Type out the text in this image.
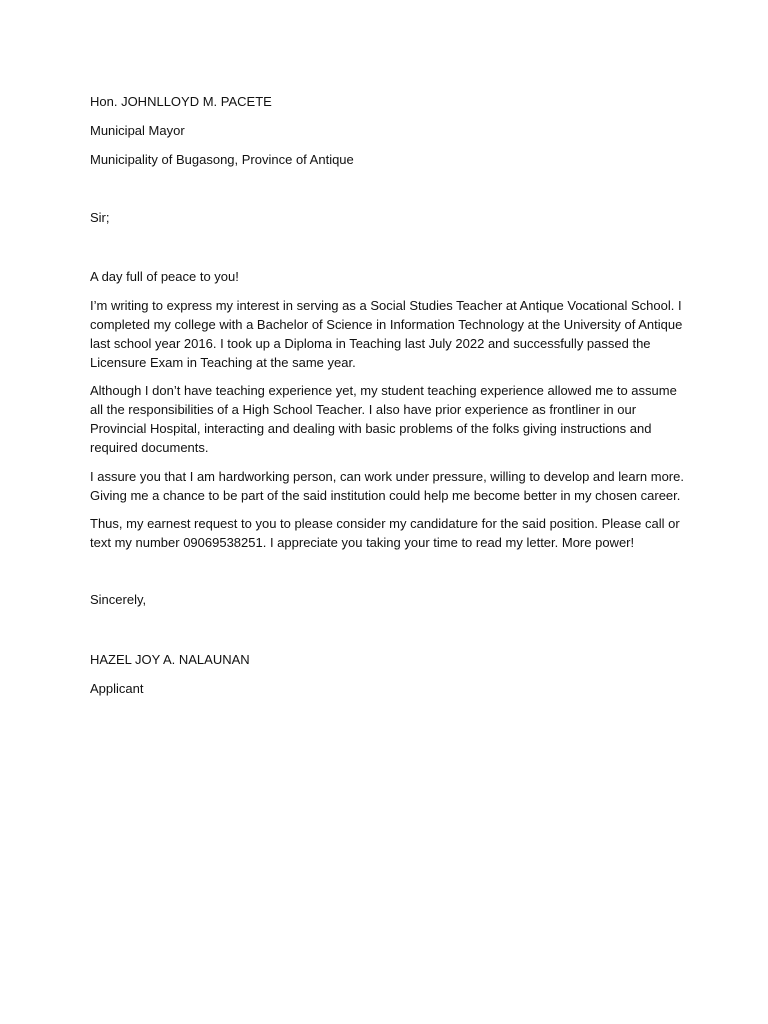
Hon. JOHNLLOYD M. PACETE
Municipal Mayor
Municipality of Bugasong, Province of Antique
Sir;
A day full of peace to you!
I’m writing to express my interest in serving as a Social Studies Teacher at Antique Vocational School. I
completed my college with a Bachelor of Science in Information Technology at the University of Antique
last school year 2016. I took up a Diploma in Teaching last July 2022 and successfully passed the
Licensure Exam in Teaching at the same year.
Although I don’t have teaching experience yet, my student teaching experience allowed me to assume
all the responsibilities of a High School Teacher. I also have prior experience as frontliner in our
Provincial Hospital, interacting and dealing with basic problems of the folks giving instructions and
required documents.
I assure you that I am hardworking person, can work under pressure, willing to develop and learn more.
Giving me a chance to be part of the said institution could help me become better in my chosen career.
Thus, my earnest request to you to please consider my candidature for the said position. Please call or
text my number 09069538251. I appreciate you taking your time to read my letter. More power!
Sincerely,
HAZEL JOY A. NALAUNAN
Applicant
